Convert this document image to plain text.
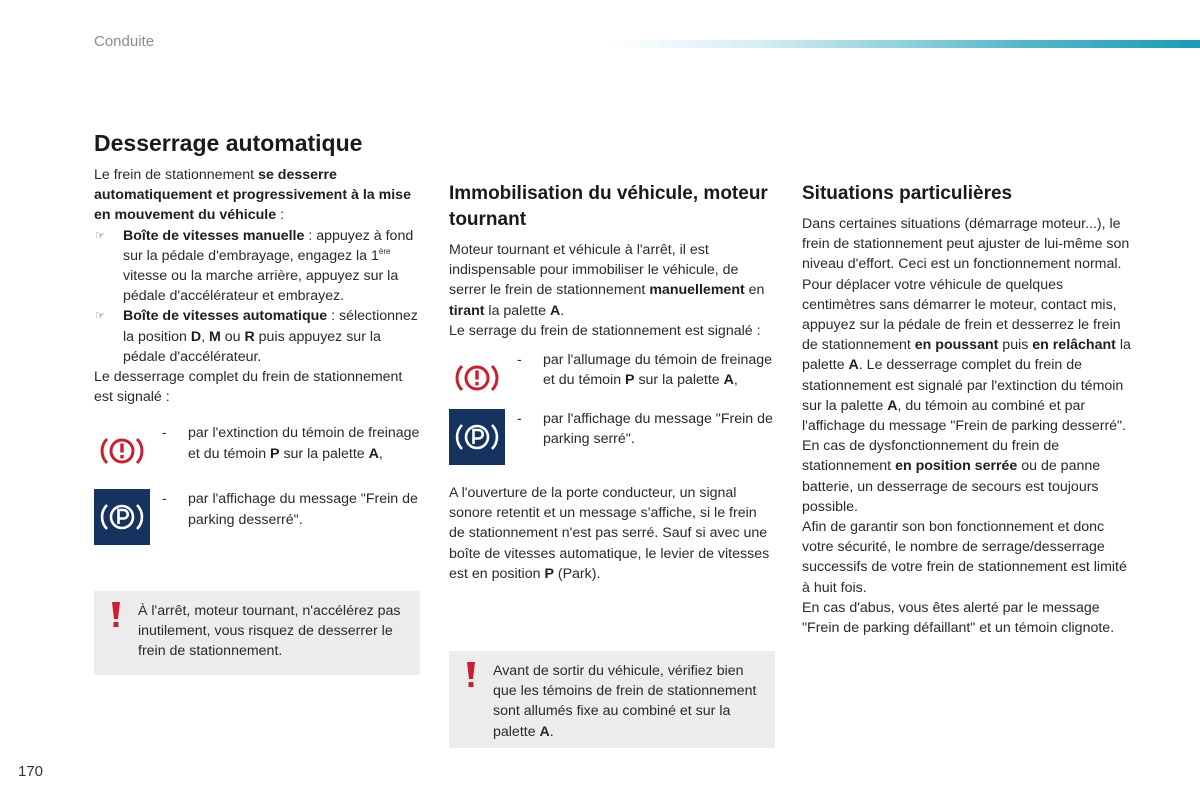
Conduite
Desserrage automatique

Le frein de stationnement se desserre automatiquement et progressivement à la mise en mouvement du véhicule :

☞ Boîte de vitesses manuelle : appuyez à fond sur la pédale d'embrayage, engagez la 1ère vitesse ou la marche arrière, appuyez sur la pédale d'accélérateur et embrayez.

☞ Boîte de vitesses automatique : sélectionnez la position D, M ou R puis appuyez sur la pédale d'accélérateur.

Le desserrage complet du frein de stationnement est signalé :

- par l'extinction du témoin de freinage et du témoin P sur la palette A,
- par l'affichage du message "Frein de parking desserré".

À l'arrêt, moteur tournant, n'accélérez pas inutilement, vous risquez de desserrer le frein de stationnement.

Immobilisation du véhicule, moteur tournant

Moteur tournant et véhicule à l'arrêt, il est indispensable pour immobiliser le véhicule, de serrer le frein de stationnement manuellement en tirant la palette A.

Le serrage du frein de stationnement est signalé :

- par l'allumage du témoin de freinage et du témoin P sur la palette A,
- par l'affichage du message "Frein de parking serré".

A l'ouverture de la porte conducteur, un signal sonore retentit et un message s'affiche, si le frein de stationnement n'est pas serré. Sauf si avec une boîte de vitesses automatique, le levier de vitesses est en position P (Park).

Avant de sortir du véhicule, vérifiez bien que les témoins de frein de stationnement sont allumés fixe au combiné et sur la palette A.

Situations particulières

Dans certaines situations (démarrage moteur...), le frein de stationnement peut ajuster de lui-même son niveau d'effort. Ceci est un fonctionnement normal.

Pour déplacer votre véhicule de quelques centimètres sans démarrer le moteur, contact mis, appuyez sur la pédale de frein et desserrez le frein de stationnement en poussant puis en relâchant la palette A. Le desserrage complet du frein de stationnement est signalé par l'extinction du témoin sur la palette A, du témoin au combiné et par l'affichage du message "Frein de parking desserré".

En cas de dysfonctionnement du frein de stationnement en position serrée ou de panne batterie, un desserrage de secours est toujours possible.

Afin de garantir son bon fonctionnement et donc votre sécurité, le nombre de serrage/desserrage successifs de votre frein de stationnement est limité à huit fois.

En cas d'abus, vous êtes alerté par le message "Frein de parking défaillant" et un témoin clignote.

170
